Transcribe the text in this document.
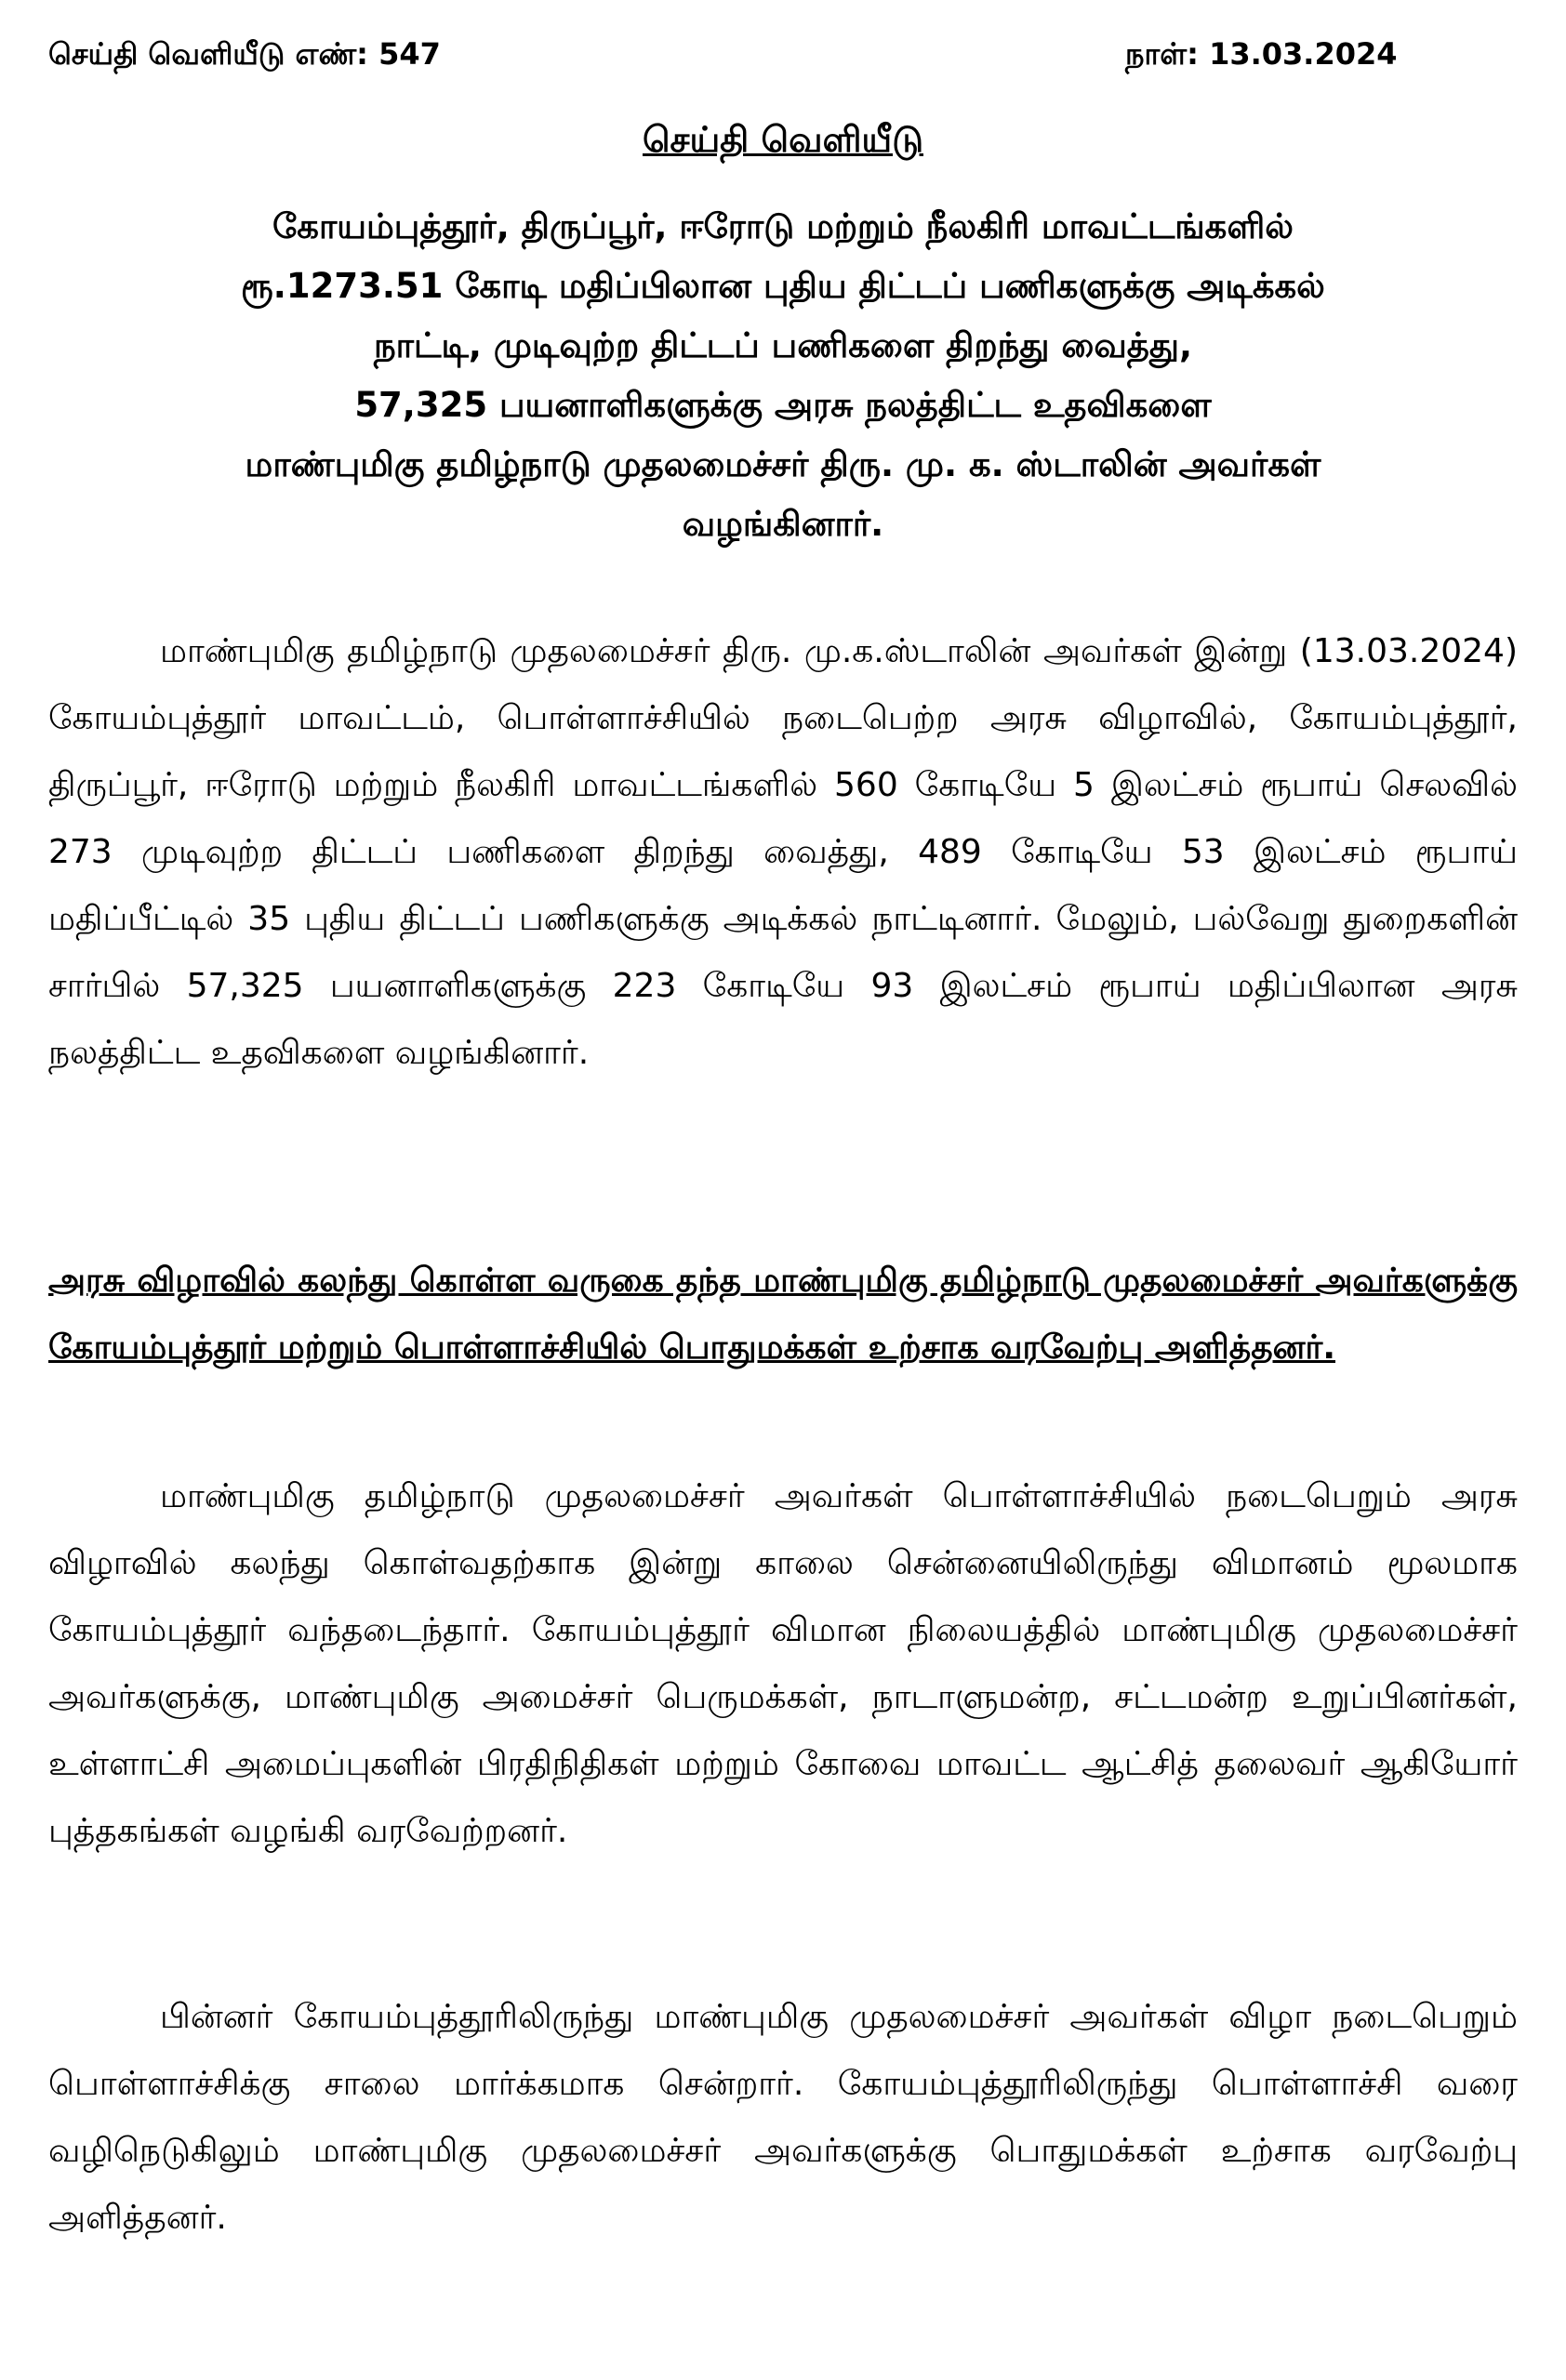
செய்தி வெளியீடு எண்: 547	நாள்: 13.03.2024
செய்தி வெளியீடு
கோயம்புத்தூர், திருப்பூர், ஈரோடு மற்றும் நீலகிரி மாவட்டங்களில்
ரூ.1273.51 கோடி மதிப்பிலான புதிய திட்டப் பணிகளுக்கு அடிக்கல்
நாட்டி, முடிவுற்ற திட்டப் பணிகளை திறந்து வைத்து,
57,325 பயனாளிகளுக்கு அரசு நலத்திட்ட உதவிகளை
மாண்புமிகு தமிழ்நாடு முதலமைச்சர் திரு. மு. க. ஸ்டாலின் அவர்கள்
வழங்கினார்.

மாண்புமிகு தமிழ்நாடு முதலமைச்சர் திரு. மு.க.ஸ்டாலின் அவர்கள் இன்று (13.03.2024) கோயம்புத்தூர் மாவட்டம், பொள்ளாச்சியில் நடைபெற்ற அரசு விழாவில், கோயம்புத்தூர், திருப்பூர், ஈரோடு மற்றும் நீலகிரி மாவட்டங்களில் 560 கோடியே 5 இலட்சம் ரூபாய் செலவில் 273 முடிவுற்ற திட்டப் பணிகளை திறந்து வைத்து, 489 கோடியே 53 இலட்சம் ரூபாய் மதிப்பீட்டில் 35 புதிய திட்டப் பணிகளுக்கு அடிக்கல் நாட்டினார். மேலும், பல்வேறு துறைகளின் சார்பில் 57,325 பயனாளிகளுக்கு 223 கோடியே 93 இலட்சம் ரூபாய் மதிப்பிலான அரசு நலத்திட்ட உதவிகளை வழங்கினார்.

அரசு விழாவில் கலந்து கொள்ள வருகை தந்த மாண்புமிகு தமிழ்நாடு முதலமைச்சர் அவர்களுக்கு கோயம்புத்தூர் மற்றும் பொள்ளாச்சியில் பொதுமக்கள் உற்சாக வரவேற்பு அளித்தனர்.

மாண்புமிகு தமிழ்நாடு முதலமைச்சர் அவர்கள் பொள்ளாச்சியில் நடைபெறும் அரசு விழாவில் கலந்து கொள்வதற்காக இன்று காலை சென்னையிலிருந்து விமானம் மூலமாக கோயம்புத்தூர் வந்தடைந்தார். கோயம்புத்தூர் விமான நிலையத்தில் மாண்புமிகு முதலமைச்சர் அவர்களுக்கு, மாண்புமிகு அமைச்சர் பெருமக்கள், நாடாளுமன்ற, சட்டமன்ற உறுப்பினர்கள், உள்ளாட்சி அமைப்புகளின் பிரதிநிதிகள் மற்றும் கோவை மாவட்ட ஆட்சித் தலைவர் ஆகியோர் புத்தகங்கள் வழங்கி வரவேற்றனர்.

பின்னர் கோயம்புத்தூரிலிருந்து மாண்புமிகு முதலமைச்சர் அவர்கள் விழா நடைபெறும் பொள்ளாச்சிக்கு சாலை மார்க்கமாக சென்றார். கோயம்புத்தூரிலிருந்து பொள்ளாச்சி வரை வழிநெடுகிலும் மாண்புமிகு முதலமைச்சர் அவர்களுக்கு பொதுமக்கள் உற்சாக வரவேற்பு அளித்தனர்.
